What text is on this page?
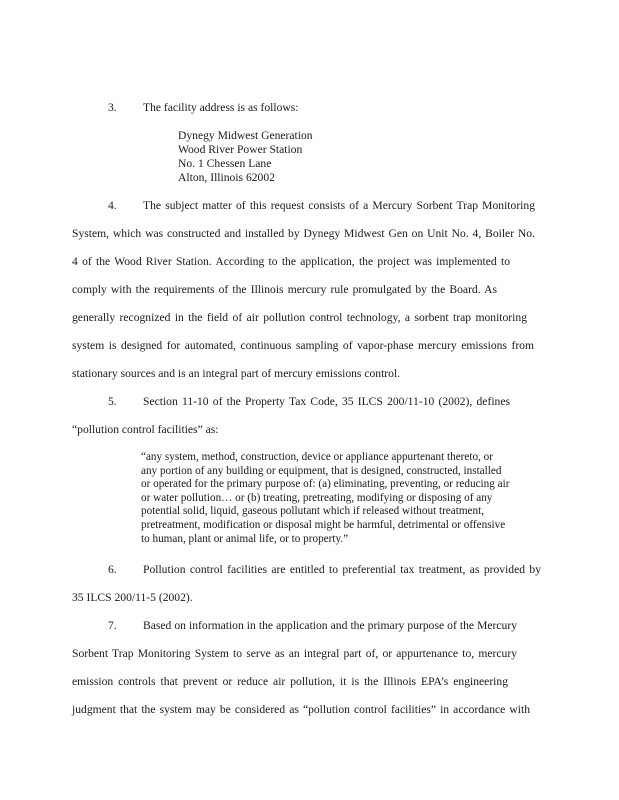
3. The facility address is as follows:
Dynegy Midwest Generation
Wood River Power Station
No. 1 Chessen Lane
Alton, Illinois 62002
4. The subject matter of this request consists of a Mercury Sorbent Trap Monitoring
System, which was constructed and installed by Dynegy Midwest Gen on Unit No. 4, Boiler No.
4 of the Wood River Station. According to the application, the project was implemented to
comply with the requirements of the Illinois mercury rule promulgated by the Board. As
generally recognized in the field of air pollution control technology, a sorbent trap monitoring
system is designed for automated, continuous sampling of vapor-phase mercury emissions from
stationary sources and is an integral part of mercury emissions control.
5. Section 11-10 of the Property Tax Code, 35 ILCS 200/11-10 (2002), defines
“pollution control facilities” as:
“any system, method, construction, device or appliance appurtenant thereto, or
any portion of any building or equipment, that is designed, constructed, installed
or operated for the primary purpose of: (a) eliminating, preventing, or reducing air
or water pollution… or (b) treating, pretreating, modifying or disposing of any
potential solid, liquid, gaseous pollutant which if released without treatment,
pretreatment, modification or disposal might be harmful, detrimental or offensive
to human, plant or animal life, or to property.”
6. Pollution control facilities are entitled to preferential tax treatment, as provided by
35 ILCS 200/11-5 (2002).
7. Based on information in the application and the primary purpose of the Mercury
Sorbent Trap Monitoring System to serve as an integral part of, or appurtenance to, mercury
emission controls that prevent or reduce air pollution, it is the Illinois EPA’s engineering
judgment that the system may be considered as “pollution control facilities” in accordance with
